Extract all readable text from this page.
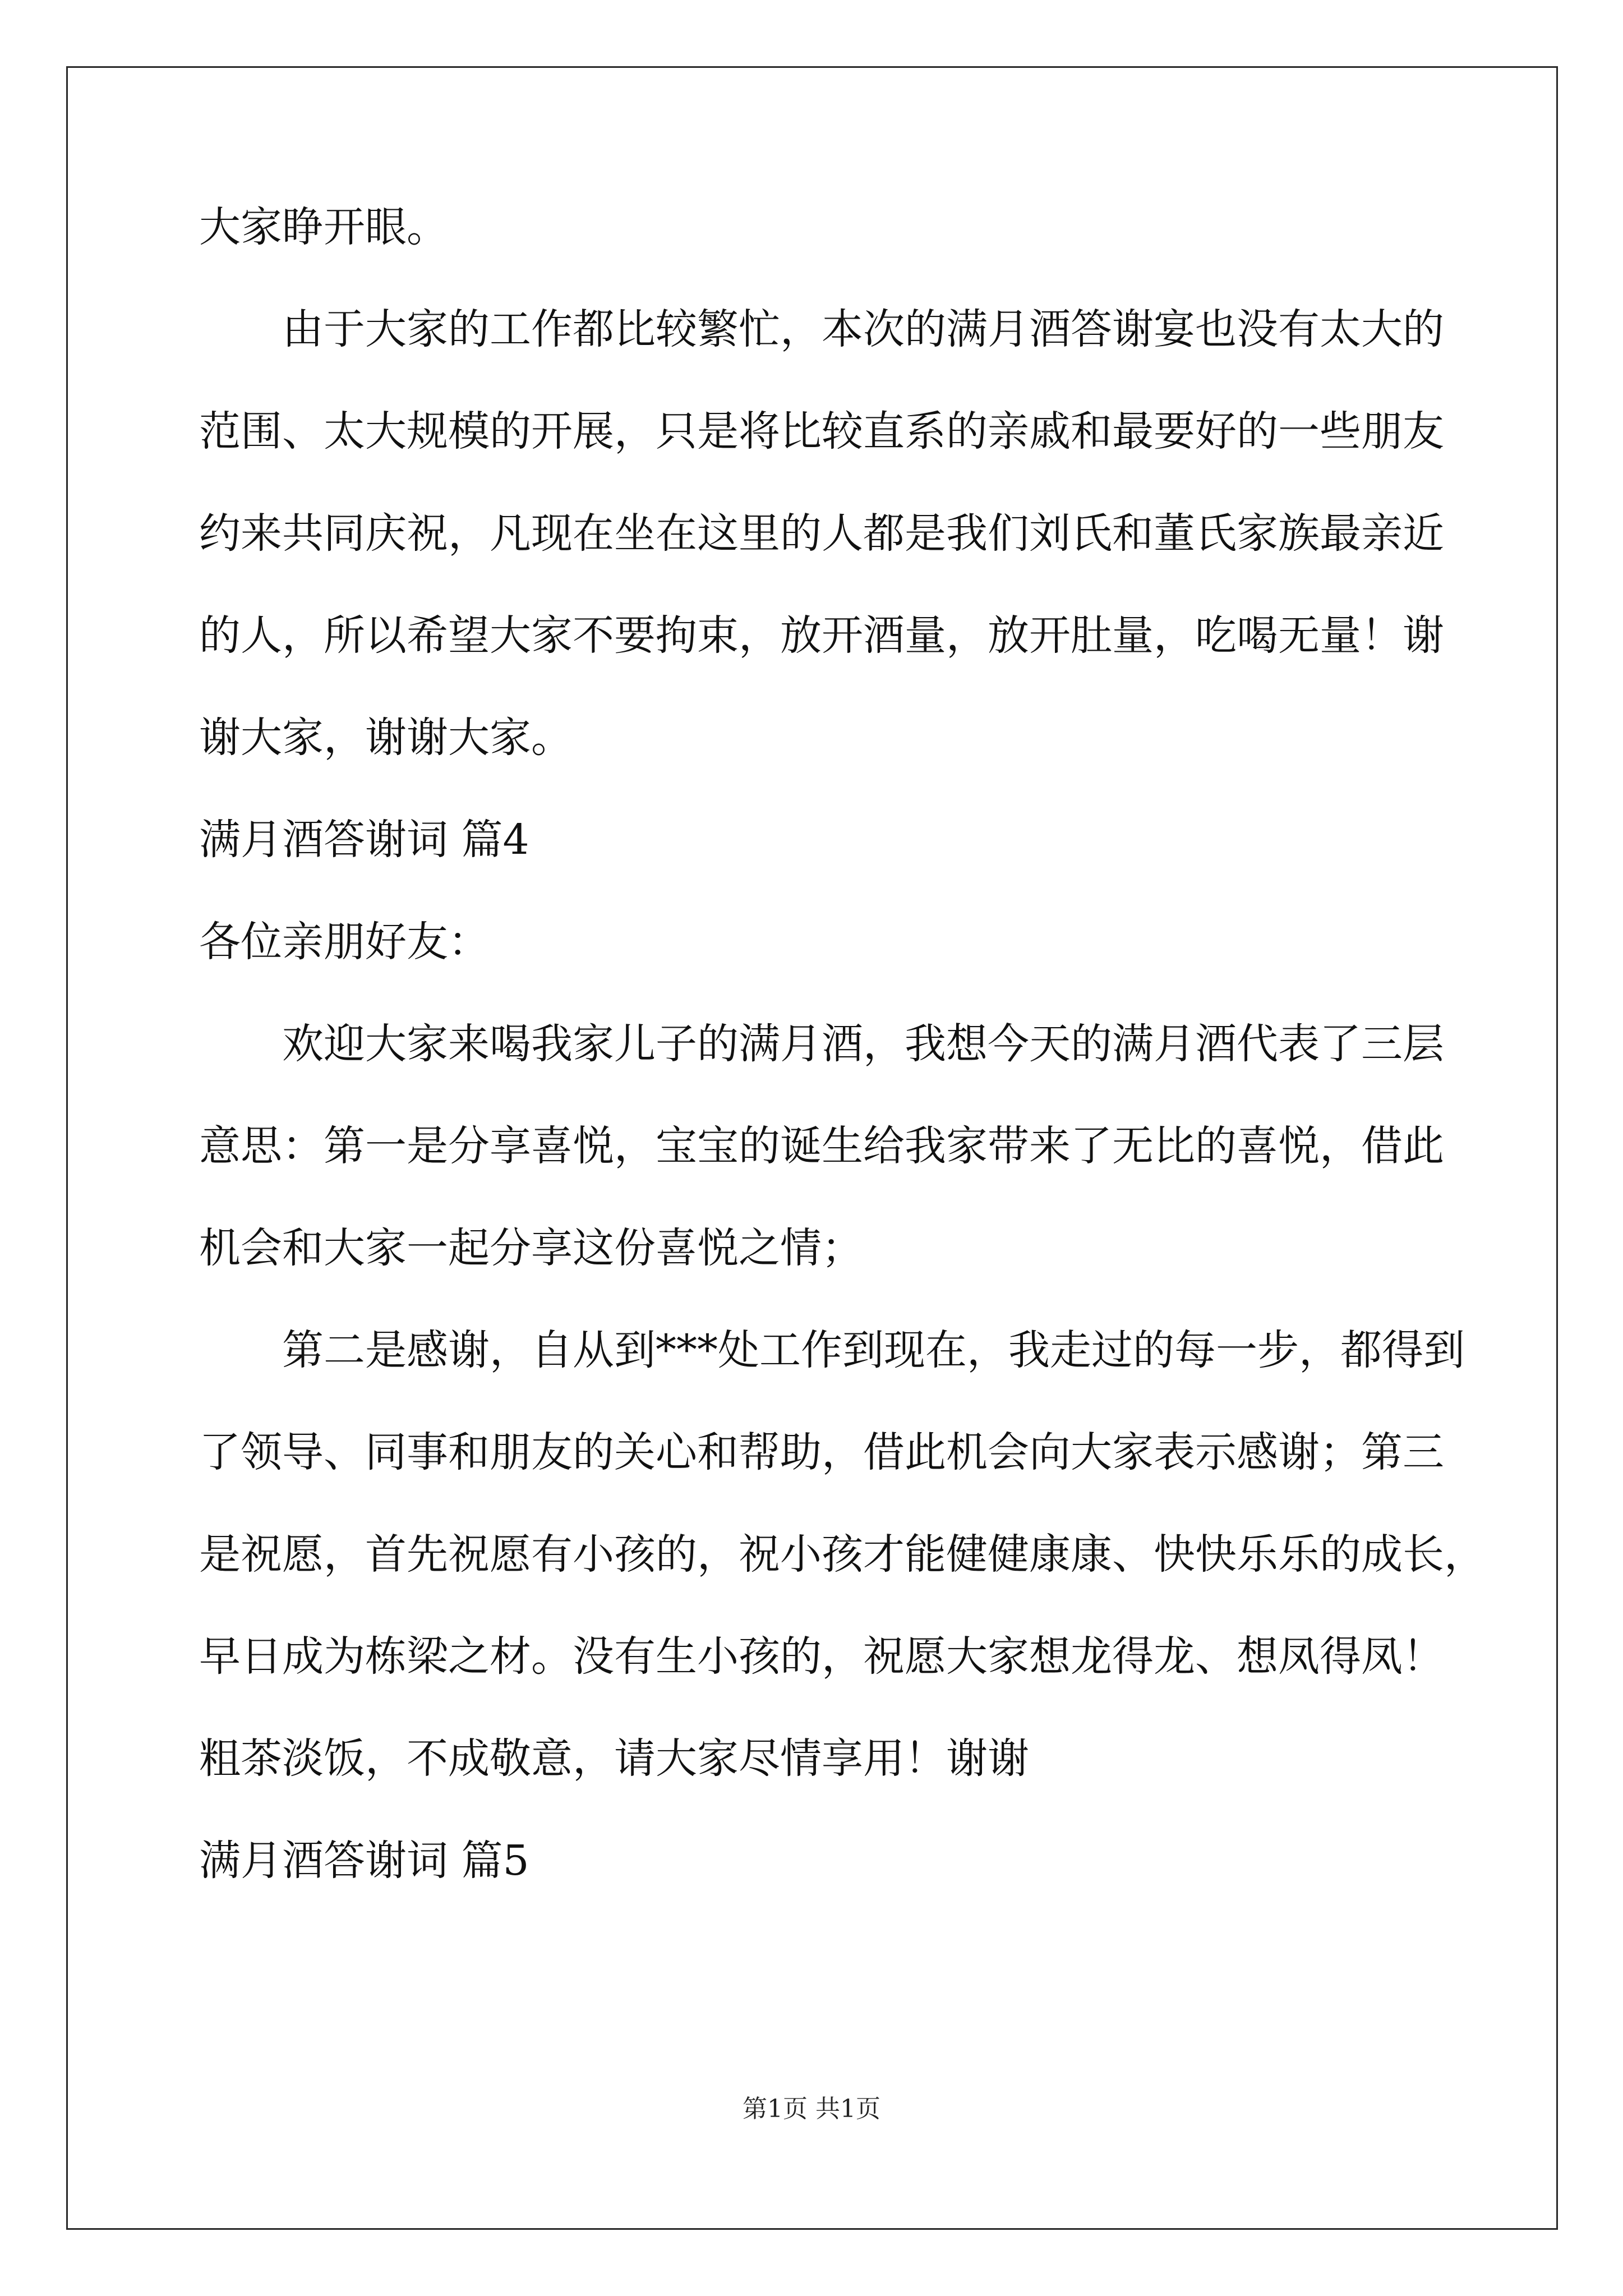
大家睁开眼。
由于大家的工作都比较繁忙，本次的满月酒答谢宴也没有太大的
范围、太大规模的开展，只是将比较直系的亲戚和最要好的一些朋友
约来共同庆祝，凡现在坐在这里的人都是我们刘氏和董氏家族最亲近
的人，所以希望大家不要拘束，放开酒量，放开肚量，吃喝无量！谢
谢大家，谢谢大家。
满月酒答谢词 篇4
各位亲朋好友：
欢迎大家来喝我家儿子的满月酒，我想今天的满月酒代表了三层
意思：第一是分享喜悦，宝宝的诞生给我家带来了无比的喜悦，借此
机会和大家一起分享这份喜悦之情；
第二是感谢，自从到***处工作到现在，我走过的每一步，都得到
了领导、同事和朋友的关心和帮助，借此机会向大家表示感谢；第三
是祝愿，首先祝愿有小孩的，祝小孩才能健健康康、快快乐乐的成长，
早日成为栋梁之材。没有生小孩的，祝愿大家想龙得龙、想凤得凤！
粗茶淡饭，不成敬意，请大家尽情享用！谢谢
满月酒答谢词 篇5
第1页 共1页
